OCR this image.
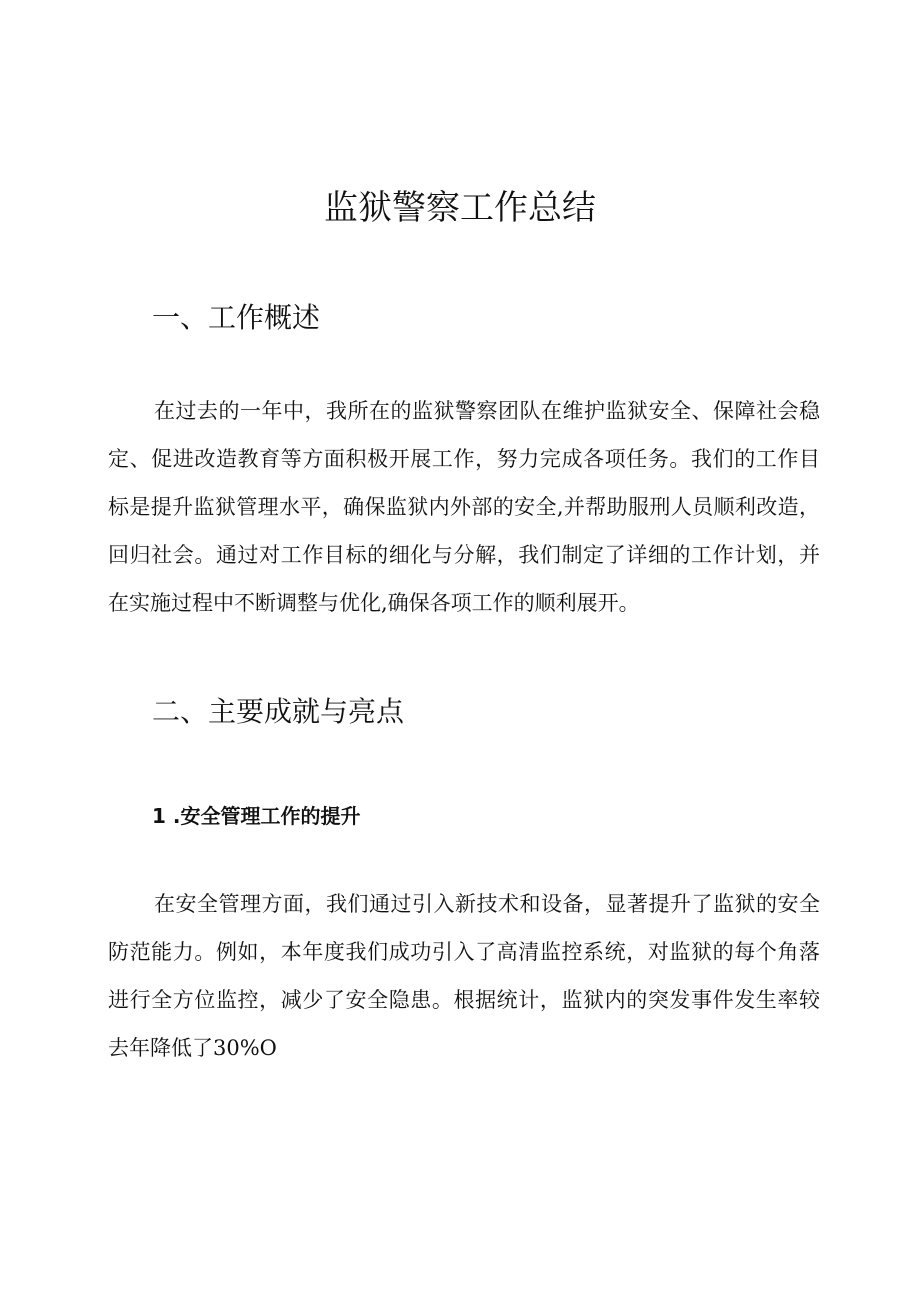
监狱警察工作总结
一、工作概述

在过去的一年中，我所在的监狱警察团队在维护监狱安全、保障社会稳定、促进改造教育等方面积极开展工作，努力完成各项任务。我们的工作目标是提升监狱管理水平，确保监狱内外部的安全,并帮助服刑人员顺利改造，回归社会。通过对工作目标的细化与分解，我们制定了详细的工作计划，并在实施过程中不断调整与优化,确保各项工作的顺利展开。

二、主要成就与亮点
1 .安全管理工作的提升

在安全管理方面，我们通过引入新技术和设备，显著提升了监狱的安全防范能力。例如，本年度我们成功引入了高清监控系统，对监狱的每个角落进行全方位监控，减少了安全隐患。根据统计，监狱内的突发事件发生率较去年降低了30%O
